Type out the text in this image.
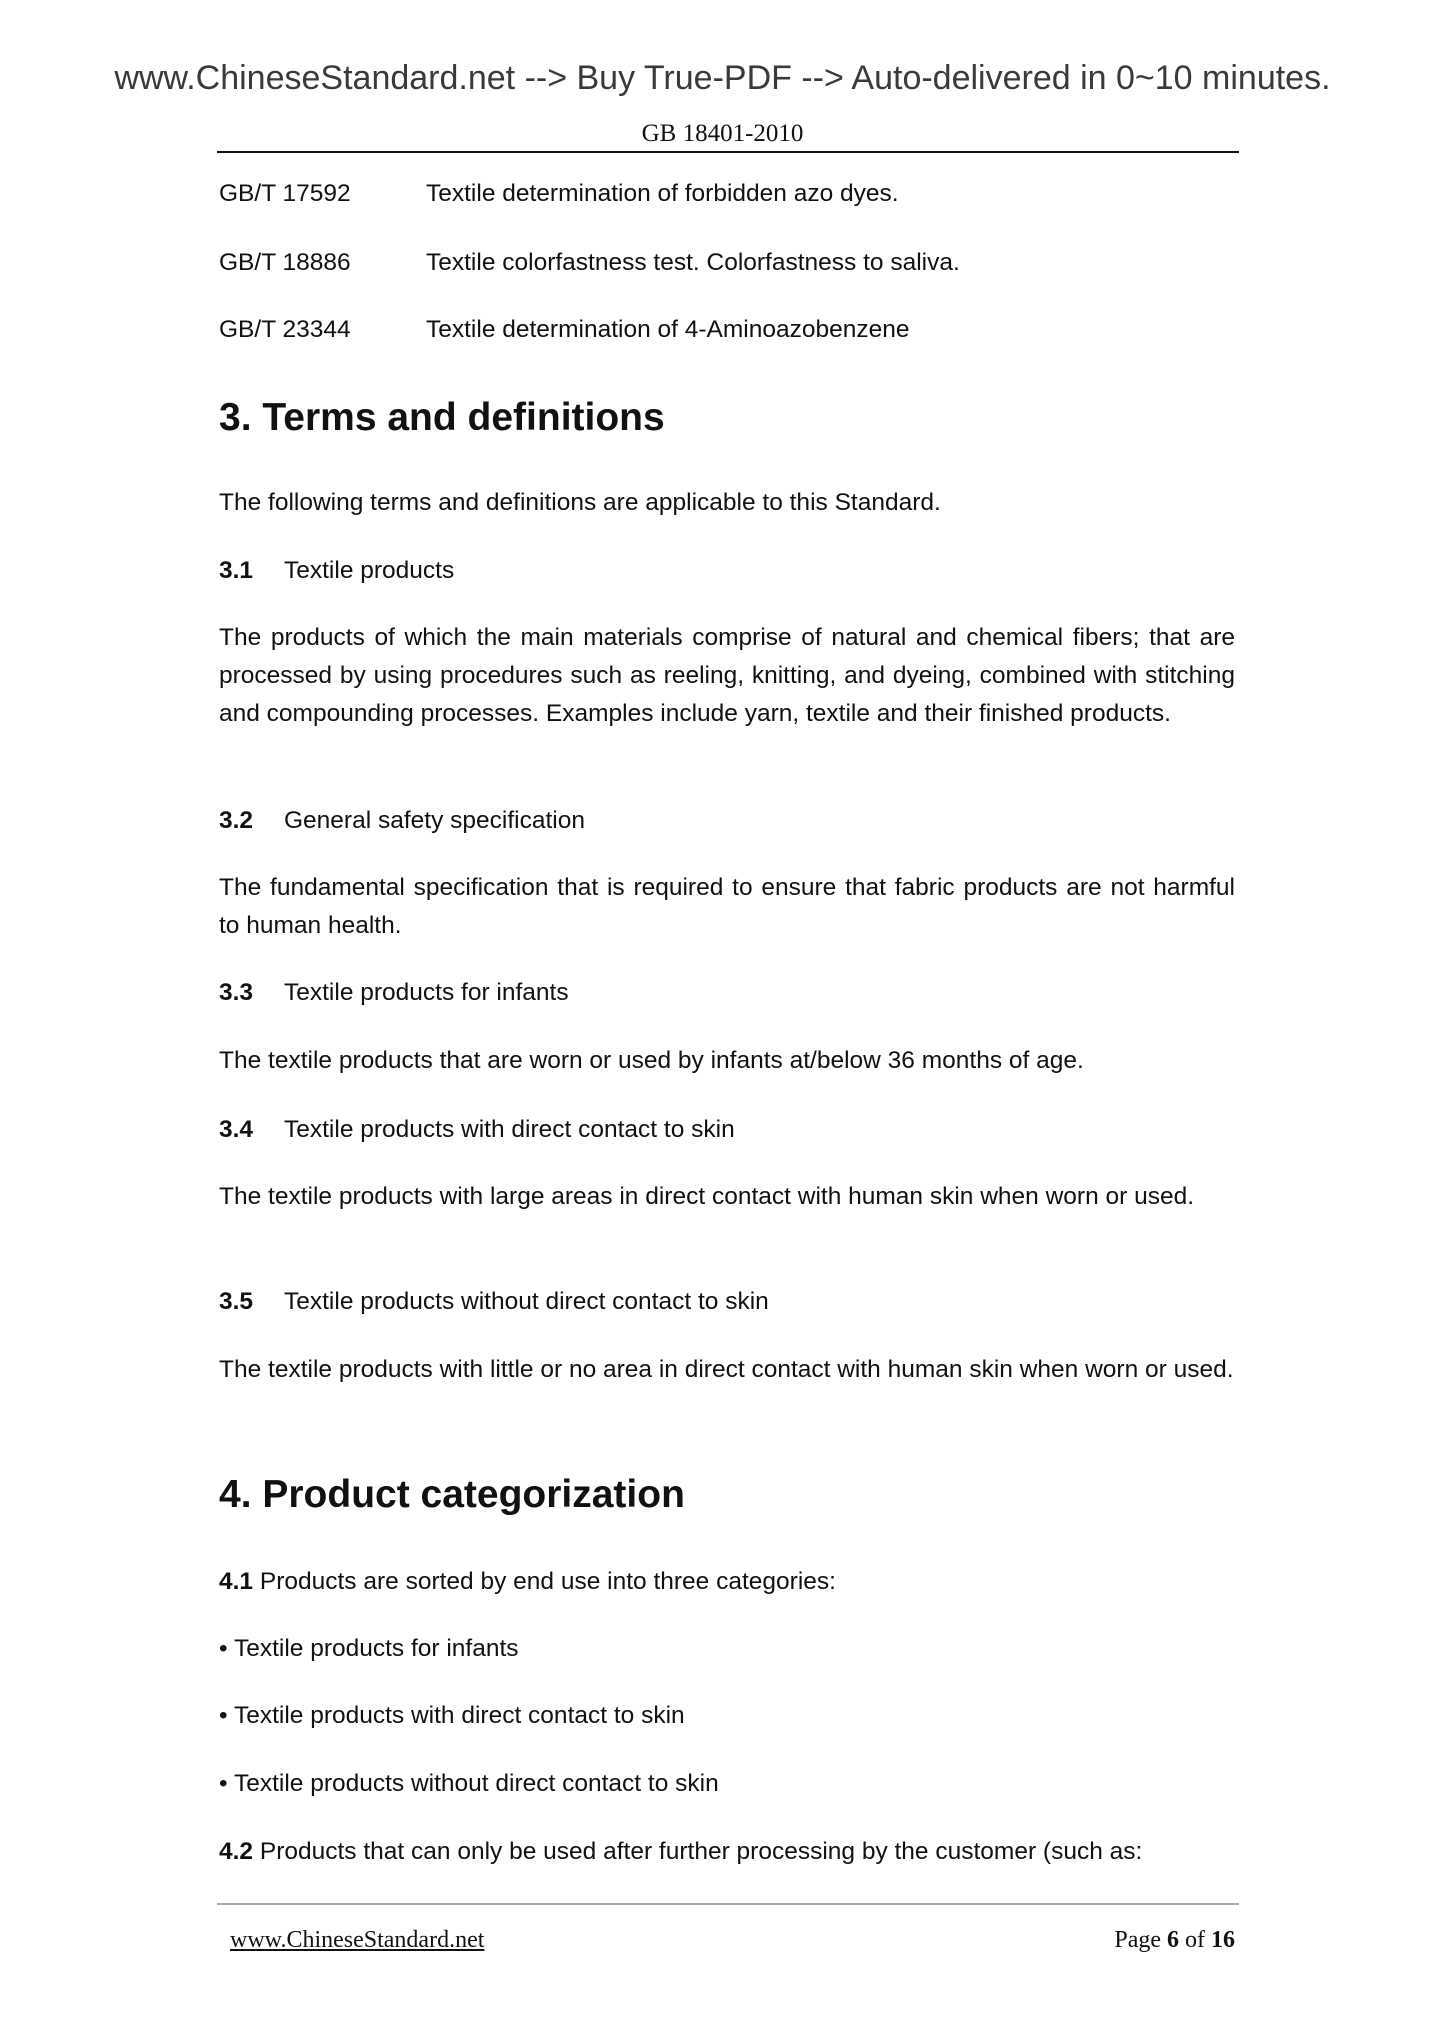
www.ChineseStandard.net --> Buy True-PDF --> Auto-delivered in 0~10 minutes.
GB 18401-2010
GB/T 17592	Textile determination of forbidden azo dyes.
GB/T 18886	Textile colorfastness test. Colorfastness to saliva.
GB/T 23344	Textile determination of 4-Aminoazobenzene
3. Terms and definitions
The following terms and definitions are applicable to this Standard.
3.1 Textile products
The products of which the main materials comprise of natural and chemical fibers; that are processed by using procedures such as reeling, knitting, and dyeing, combined with stitching and compounding processes. Examples include yarn, textile and their finished products.
3.2 General safety specification
The fundamental specification that is required to ensure that fabric products are not harmful to human health.
3.3 Textile products for infants
The textile products that are worn or used by infants at/below 36 months of age.
3.4 Textile products with direct contact to skin
The textile products with large areas in direct contact with human skin when worn or used.
3.5 Textile products without direct contact to skin
The textile products with little or no area in direct contact with human skin when worn or used.
4. Product categorization
4.1 Products are sorted by end use into three categories:
• Textile products for infants
• Textile products with direct contact to skin
• Textile products without direct contact to skin
4.2 Products that can only be used after further processing by the customer (such as:
www.ChineseStandard.net	Page 6 of 16
